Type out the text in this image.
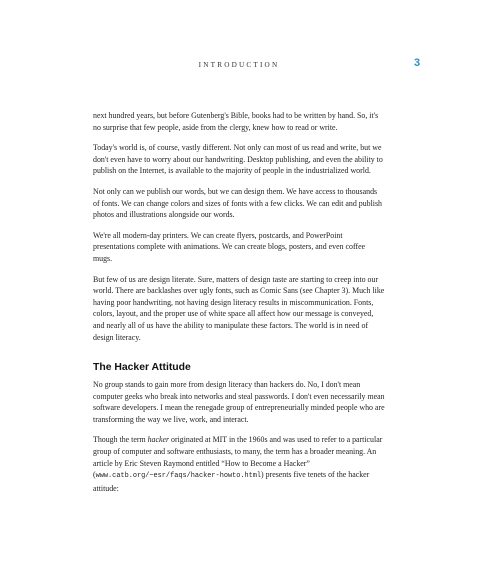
INTRODUCTION	3

next hundred years, but before Gutenberg's Bible, books had to be written by hand. So, it's no surprise that few people, aside from the clergy, knew how to read or write.

Today's world is, of course, vastly different. Not only can most of us read and write, but we don't even have to worry about our handwriting. Desktop publishing, and even the ability to publish on the Internet, is available to the majority of people in the industrialized world.

Not only can we publish our words, but we can design them. We have access to thousands of fonts. We can change colors and sizes of fonts with a few clicks. We can edit and publish photos and illustrations alongside our words.

We're all modern-day printers. We can create flyers, postcards, and PowerPoint presentations complete with animations. We can create blogs, posters, and even coffee mugs.

But few of us are design literate. Sure, matters of design taste are starting to creep into our world. There are backlashes over ugly fonts, such as Comic Sans (see Chapter 3). Much like having poor handwriting, not having design literacy results in miscommunication. Fonts, colors, layout, and the proper use of white space all affect how our message is conveyed, and nearly all of us have the ability to manipulate these factors. The world is in need of design literacy.

The Hacker Attitude

No group stands to gain more from design literacy than hackers do. No, I don't mean computer geeks who break into networks and steal passwords. I don't even necessarily mean software developers. I mean the renegade group of entrepreneurially minded people who are transforming the way we live, work, and interact.

Though the term hacker originated at MIT in the 1960s and was used to refer to a particular group of computer and software enthusiasts, to many, the term has a broader meaning. An article by Eric Steven Raymond entitled “How to Become a Hacker” (www.catb.org/~esr/faqs/hacker-howto.html) presents five tenets of the hacker attitude:
